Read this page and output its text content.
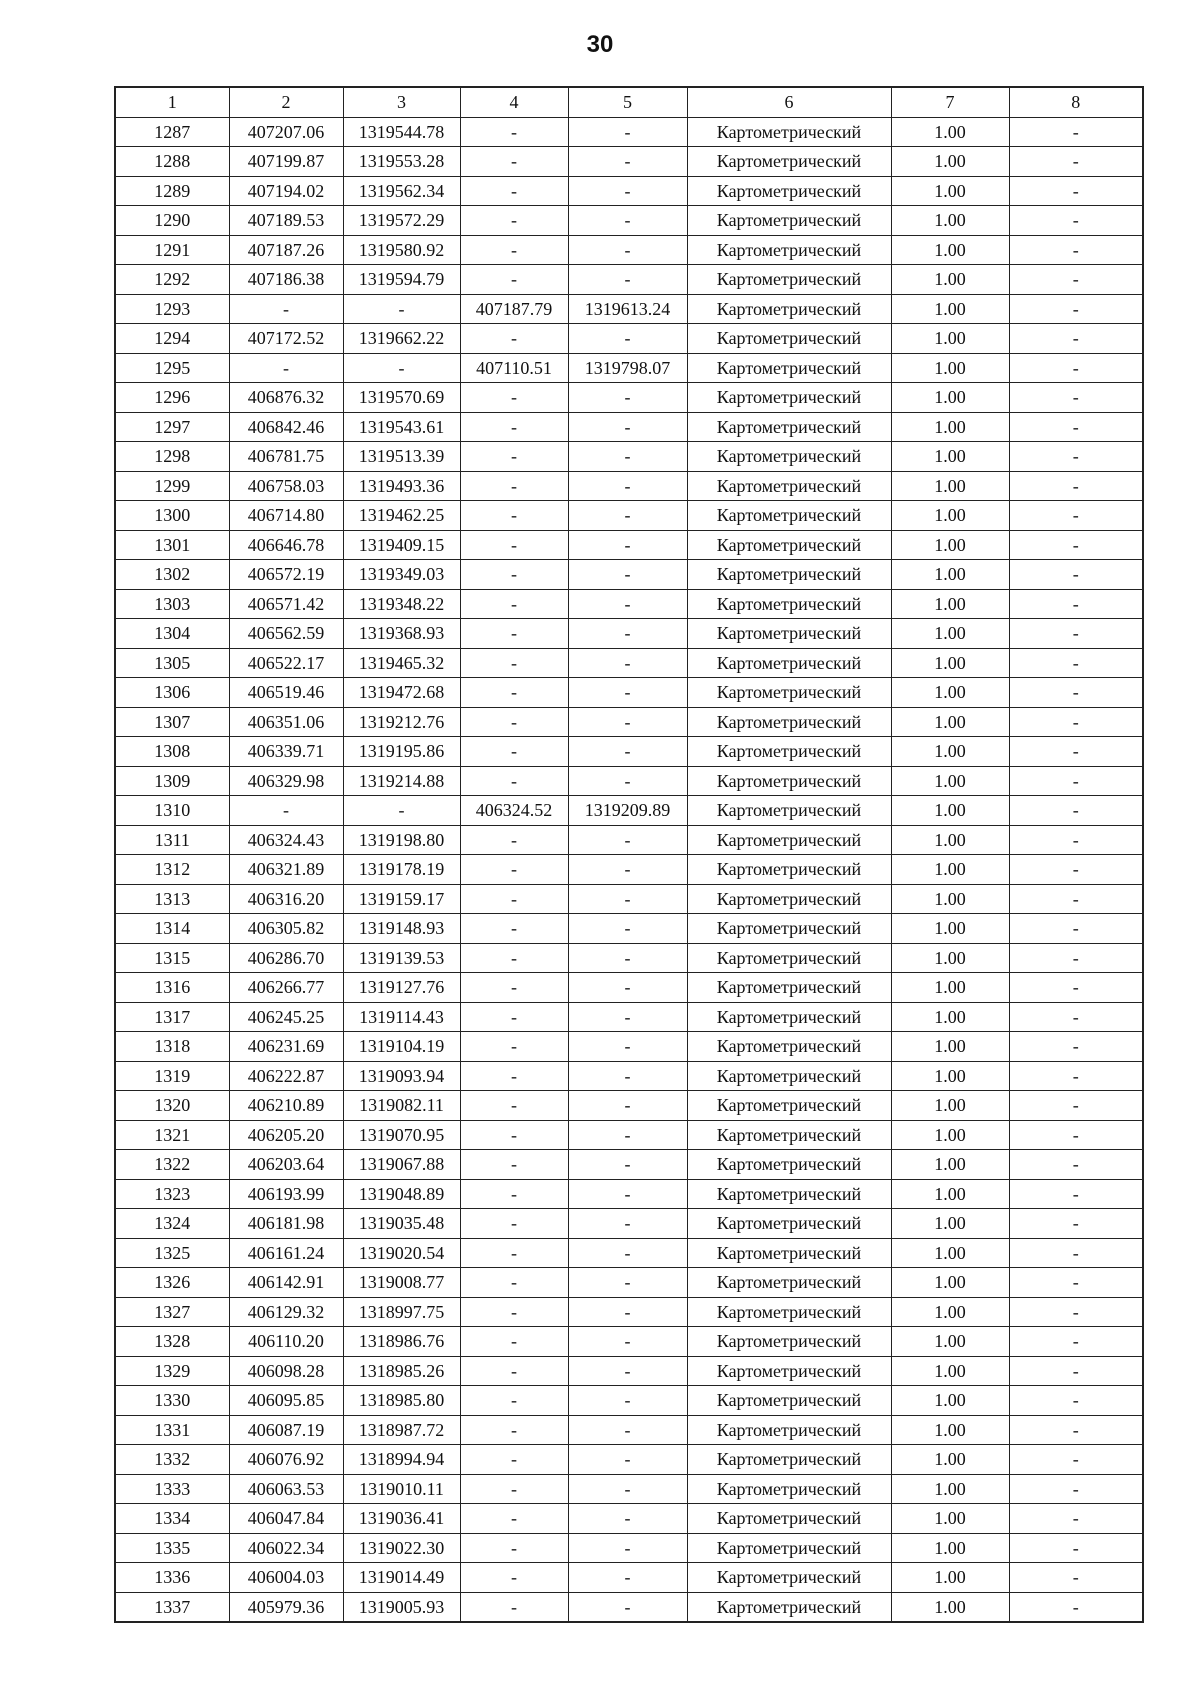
30
1	2	3	4	5	6	7	8
1287	407207.06	1319544.78	-	-	Картометрический	1.00	-
1288	407199.87	1319553.28	-	-	Картометрический	1.00	-
1289	407194.02	1319562.34	-	-	Картометрический	1.00	-
1290	407189.53	1319572.29	-	-	Картометрический	1.00	-
1291	407187.26	1319580.92	-	-	Картометрический	1.00	-
1292	407186.38	1319594.79	-	-	Картометрический	1.00	-
1293	-	-	407187.79	1319613.24	Картометрический	1.00	-
1294	407172.52	1319662.22	-	-	Картометрический	1.00	-
1295	-	-	407110.51	1319798.07	Картометрический	1.00	-
1296	406876.32	1319570.69	-	-	Картометрический	1.00	-
1297	406842.46	1319543.61	-	-	Картометрический	1.00	-
1298	406781.75	1319513.39	-	-	Картометрический	1.00	-
1299	406758.03	1319493.36	-	-	Картометрический	1.00	-
1300	406714.80	1319462.25	-	-	Картометрический	1.00	-
1301	406646.78	1319409.15	-	-	Картометрический	1.00	-
1302	406572.19	1319349.03	-	-	Картометрический	1.00	-
1303	406571.42	1319348.22	-	-	Картометрический	1.00	-
1304	406562.59	1319368.93	-	-	Картометрический	1.00	-
1305	406522.17	1319465.32	-	-	Картометрический	1.00	-
1306	406519.46	1319472.68	-	-	Картометрический	1.00	-
1307	406351.06	1319212.76	-	-	Картометрический	1.00	-
1308	406339.71	1319195.86	-	-	Картометрический	1.00	-
1309	406329.98	1319214.88	-	-	Картометрический	1.00	-
1310	-	-	406324.52	1319209.89	Картометрический	1.00	-
1311	406324.43	1319198.80	-	-	Картометрический	1.00	-
1312	406321.89	1319178.19	-	-	Картометрический	1.00	-
1313	406316.20	1319159.17	-	-	Картометрический	1.00	-
1314	406305.82	1319148.93	-	-	Картометрический	1.00	-
1315	406286.70	1319139.53	-	-	Картометрический	1.00	-
1316	406266.77	1319127.76	-	-	Картометрический	1.00	-
1317	406245.25	1319114.43	-	-	Картометрический	1.00	-
1318	406231.69	1319104.19	-	-	Картометрический	1.00	-
1319	406222.87	1319093.94	-	-	Картометрический	1.00	-
1320	406210.89	1319082.11	-	-	Картометрический	1.00	-
1321	406205.20	1319070.95	-	-	Картометрический	1.00	-
1322	406203.64	1319067.88	-	-	Картометрический	1.00	-
1323	406193.99	1319048.89	-	-	Картометрический	1.00	-
1324	406181.98	1319035.48	-	-	Картометрический	1.00	-
1325	406161.24	1319020.54	-	-	Картометрический	1.00	-
1326	406142.91	1319008.77	-	-	Картометрический	1.00	-
1327	406129.32	1318997.75	-	-	Картометрический	1.00	-
1328	406110.20	1318986.76	-	-	Картометрический	1.00	-
1329	406098.28	1318985.26	-	-	Картометрический	1.00	-
1330	406095.85	1318985.80	-	-	Картометрический	1.00	-
1331	406087.19	1318987.72	-	-	Картометрический	1.00	-
1332	406076.92	1318994.94	-	-	Картометрический	1.00	-
1333	406063.53	1319010.11	-	-	Картометрический	1.00	-
1334	406047.84	1319036.41	-	-	Картометрический	1.00	-
1335	406022.34	1319022.30	-	-	Картометрический	1.00	-
1336	406004.03	1319014.49	-	-	Картометрический	1.00	-
1337	405979.36	1319005.93	-	-	Картометрический	1.00	-
